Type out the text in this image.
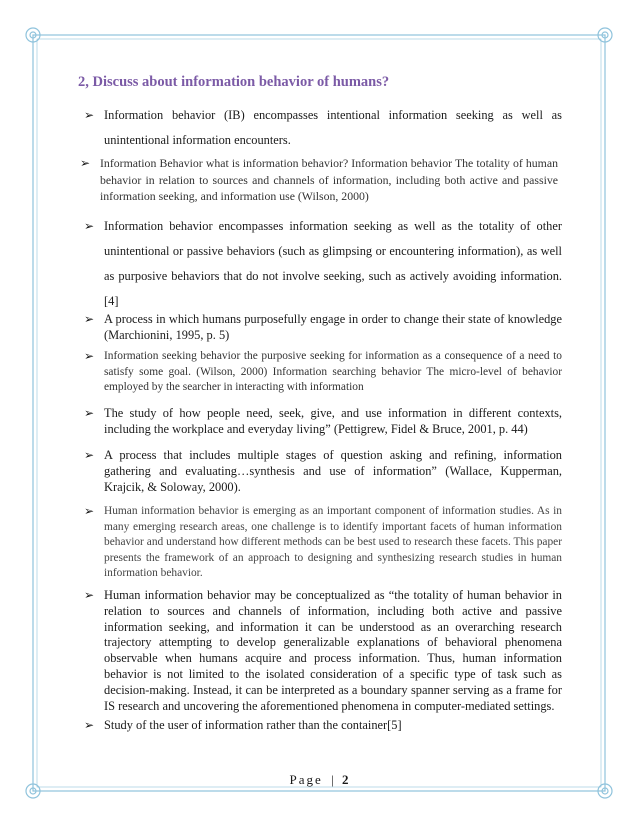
2, Discuss about information behavior of humans?
➢ Information behavior (IB) encompasses intentional information seeking as well as unintentional information encounters.
➢ Information Behavior what is information behavior? Information behavior The totality of human behavior in relation to sources and channels of information, including both active and passive information seeking, and information use (Wilson, 2000)
➢ Information behavior encompasses information seeking as well as the totality of other unintentional or passive behaviors (such as glimpsing or encountering information), as well as purposive behaviors that do not involve seeking, such as actively avoiding information.[4]
➢ A process in which humans purposefully engage in order to change their state of knowledge (Marchionini, 1995, p. 5)
➢ Information seeking behavior the purposive seeking for information as a consequence of a need to satisfy some goal. (Wilson, 2000) Information searching behavior The micro-level of behavior employed by the searcher in interacting with information
➢ The study of how people need, seek, give, and use information in different contexts, including the workplace and everyday living” (Pettigrew, Fidel & Bruce, 2001, p. 44)
➢ A process that includes multiple stages of question asking and refining, information gathering and evaluating…synthesis and use of information” (Wallace, Kupperman, Krajcik, & Soloway, 2000).
➢ Human information behavior is emerging as an important component of information studies. As in many emerging research areas, one challenge is to identify important facets of human information behavior and understand how different methods can be best used to research these facets. This paper presents the framework of an approach to designing and synthesizing research studies in human information behavior.
➢ Human information behavior may be conceptualized as “the totality of human behavior in relation to sources and channels of information, including both active and passive information seeking, and information it can be understood as an overarching research trajectory attempting to develop generalizable explanations of behavioral phenomena observable when humans acquire and process information. Thus, human information behavior is not limited to the isolated consideration of a specific type of task such as decision-making. Instead, it can be interpreted as a boundary spanner serving as a frame for IS research and uncovering the aforementioned phenomena in computer-mediated settings.
➢ Study of the user of information rather than the container[5]
Page | 2
